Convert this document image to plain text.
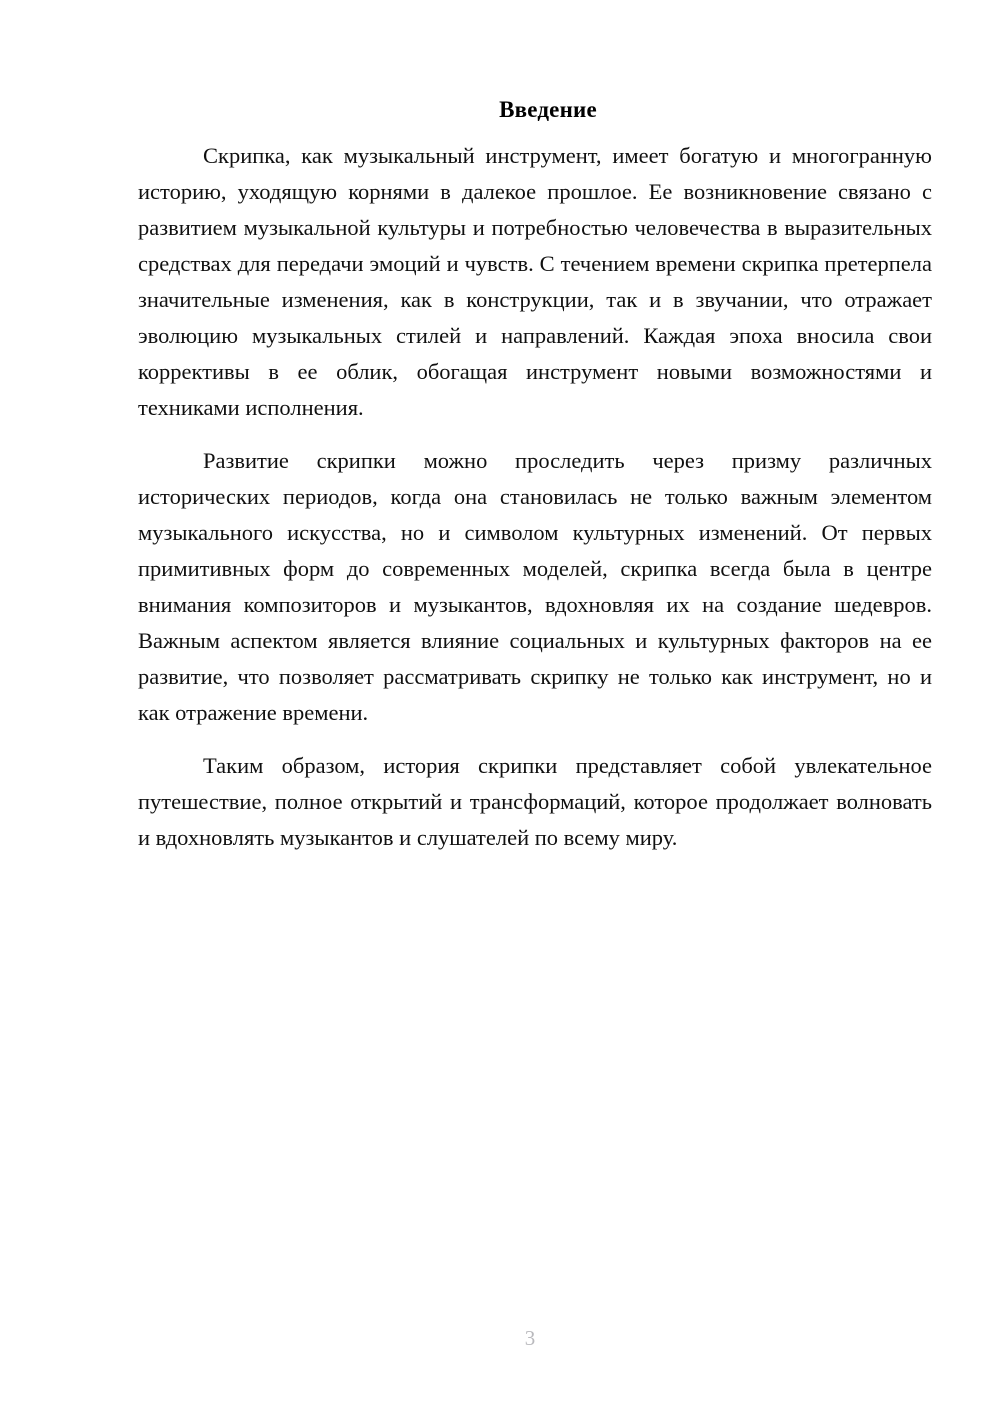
Введение

Скрипка, как музыкальный инструмент, имеет богатую и многогранную историю, уходящую корнями в далекое прошлое. Ее возникновение связано с развитием музыкальной культуры и потребностью человечества в выразительных средствах для передачи эмоций и чувств. С течением времени скрипка претерпела значительные изменения, как в конструкции, так и в звучании, что отражает эволюцию музыкальных стилей и направлений. Каждая эпоха вносила свои коррективы в ее облик, обогащая инструмент новыми возможностями и техниками исполнения.

Развитие скрипки можно проследить через призму различных исторических периодов, когда она становилась не только важным элементом музыкального искусства, но и символом культурных изменений. От первых примитивных форм до современных моделей, скрипка всегда была в центре внимания композиторов и музыкантов, вдохновляя их на создание шедевров. Важным аспектом является влияние социальных и культурных факторов на ее развитие, что позволяет рассматривать скрипку не только как инструмент, но и как отражение времени.

Таким образом, история скрипки представляет собой увлекательное путешествие, полное открытий и трансформаций, которое продолжает волновать и вдохновлять музыкантов и слушателей по всему миру.

3
